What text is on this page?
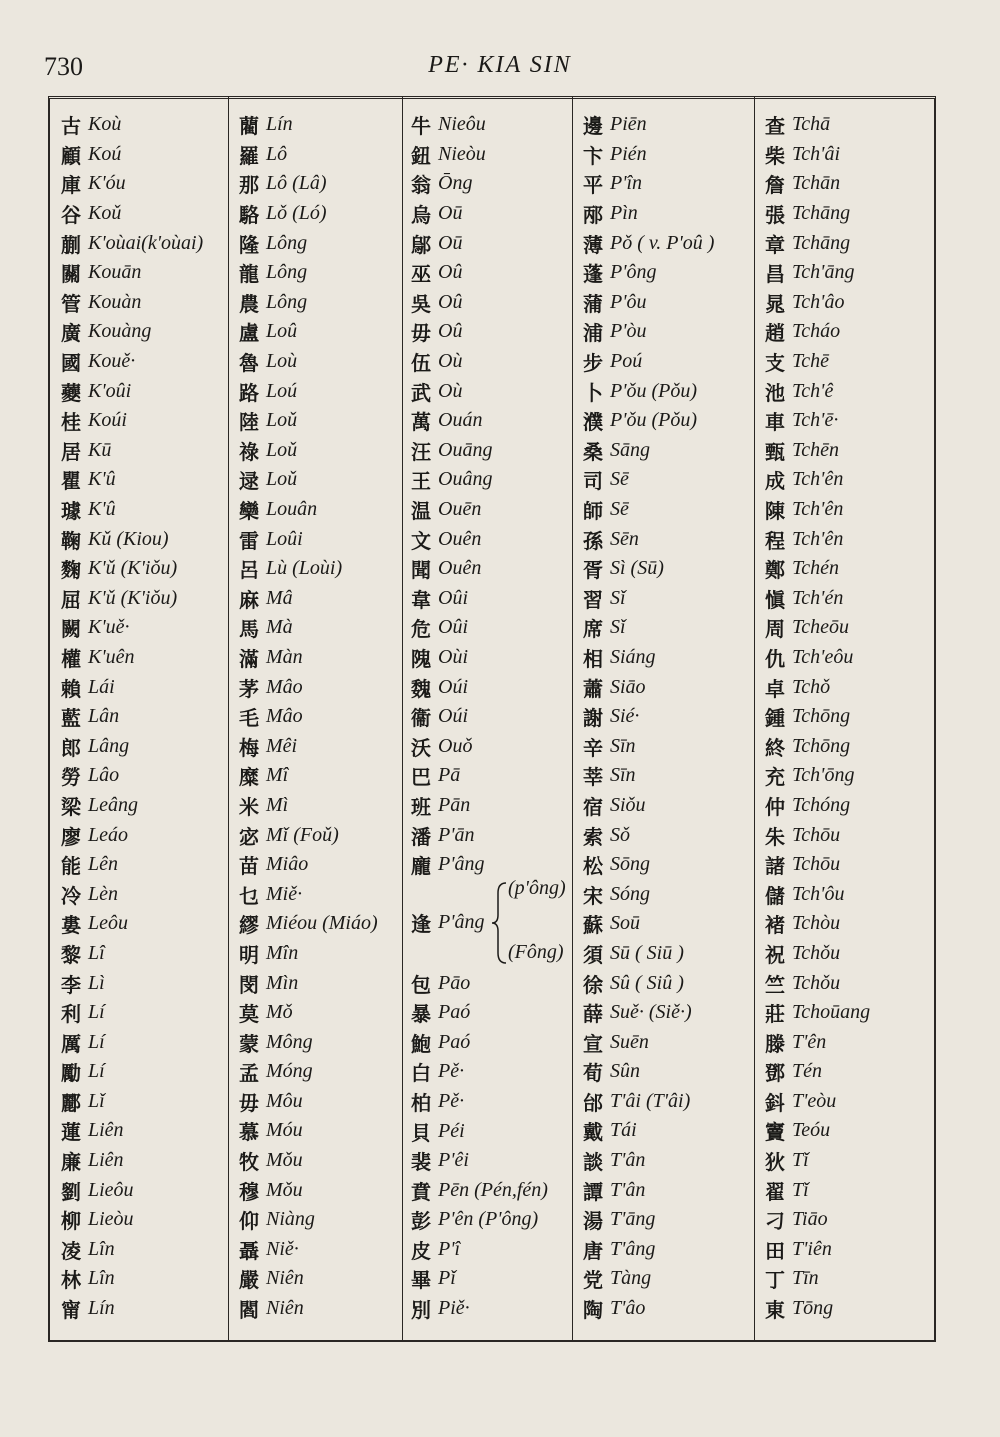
730	PE· KIA SIN
古 Koù
顧 Koú
庫 K'óu
谷 Koǔ
蒯 K'oùai(k'oùai)
關 Kouān
管 Kouàn
廣 Kouàng
國 Kouě·
蘷 K'oûi
桂 Koúi
居 Kū
瞿 K'û
璩 K'û
鞠 Kǔ (Kiou)
麴 K'ǔ (K'iǒu)
屈 K'ǔ (K'iǒu)
闕 K'uě·
權 K'uên
賴 Lái
藍 Lân
郎 Lâng
勞 Lâo
梁 Leâng
廖 Leáo
能 Lên
冷 Lèn
婁 Leôu
黎 Lî
李 Lì
利 Lí
厲 Lí
勵 Lí
酈 Lǐ
蓮 Liên
廉 Liên
劉 Lieôu
柳 Lieòu
凌 Lîn
林 Lîn
甯 Lín
藺 Lín
羅 Lô
那 Lô (Lâ)
駱 Lǒ (Ló)
隆 Lông
龍 Lông
農 Lông
盧 Loû
魯 Loù
路 Loú
陸 Loǔ
祿 Loǔ
逯 Loǔ
欒 Louân
雷 Loûi
呂 Lù (Loùi)
麻 Mâ
馬 Mà
滿 Màn
茅 Mâo
毛 Mâo
梅 Mêi
糜 Mî
米 Mì
宓 Mǐ (Foǔ)
苗 Miâo
乜 Miě·
繆 Miéou (Miáo)
明 Mîn
閔 Mìn
莫 Mǒ
蒙 Mông
孟 Móng
毋 Môu
慕 Móu
牧 Mǒu
穆 Mǒu
仰 Niàng
聶 Niě·
嚴 Niên
閻 Niên
牛 Nieôu
鈕 Nieòu
翁 Ōng
烏 Oū
鄔 Oū
巫 Oû
吳 Oû
毋 Oû
伍 Où
武 Où
萬 Ouán
汪 Ouāng
王 Ouâng
温 Ouēn
文 Ouên
聞 Ouên
韋 Oûi
危 Oûi
隗 Oùi
魏 Oúi
衞 Oúi
沃 Ouǒ
巴 Pā
班 Pān
潘 P'ān
龐 P'âng
逢 P'âng
(p'ông)
(Fông)
包 Pāo
暴 Paó
鮑 Paó
白 Pě·
柏 Pě·
貝 Péi
裴 P'êi
賁 Pēn (Pén,fén)
彭 P'ên (P'ông)
皮 P'î
畢 Pǐ
別 Piě·
邊 Piēn
卞 Pién
平 P'în
邴 Pìn
薄 Pǒ ( v. P'oû )
蓬 P'ông
蒲 P'ôu
浦 P'òu
步 Poú
卜 P'ǒu (Pǒu)
濮 P'ǒu (Pǒu)
桑 Sāng
司 Sē
師 Sē
孫 Sēn
胥 Sì (Sū)
習 Sǐ
席 Sǐ
相 Siáng
蕭 Siāo
謝 Sié·
辛 Sīn
莘 Sīn
宿 Siǒu
索 Sǒ
松 Sōng
宋 Sóng
蘇 Soū
須 Sū ( Siū )
徐 Sû ( Siû )
薛 Suě· (Siě·)
宣 Suēn
荀 Sûn
邰 T'âi (T'âi)
戴 Tái
談 T'ân
譚 T'ân
湯 T'āng
唐 T'âng
党 Tàng
陶 T'âo
查 Tchā
柴 Tch'âi
詹 Tchān
張 Tchāng
章 Tchāng
昌 Tch'āng
晁 Tch'âo
趙 Tcháo
支 Tchē
池 Tch'ê
車 Tch'ē·
甄 Tchēn
成 Tch'ên
陳 Tch'ên
程 Tch'ên
鄭 Tchén
愼 Tch'én
周 Tcheōu
仇 Tch'eôu
卓 Tchǒ
鍾 Tchōng
終 Tchōng
充 Tch'ōng
仲 Tchóng
朱 Tchōu
諸 Tchōu
儲 Tch'ôu
褚 Tchòu
祝 Tchǒu
竺 Tchǒu
莊 Tchoūang
滕 T'ên
鄧 Tén
鈄 T'eòu
竇 Teóu
狄 Tǐ
翟 Tǐ
刁 Tiāo
田 T'iên
丁 Tīn
東 Tōng
